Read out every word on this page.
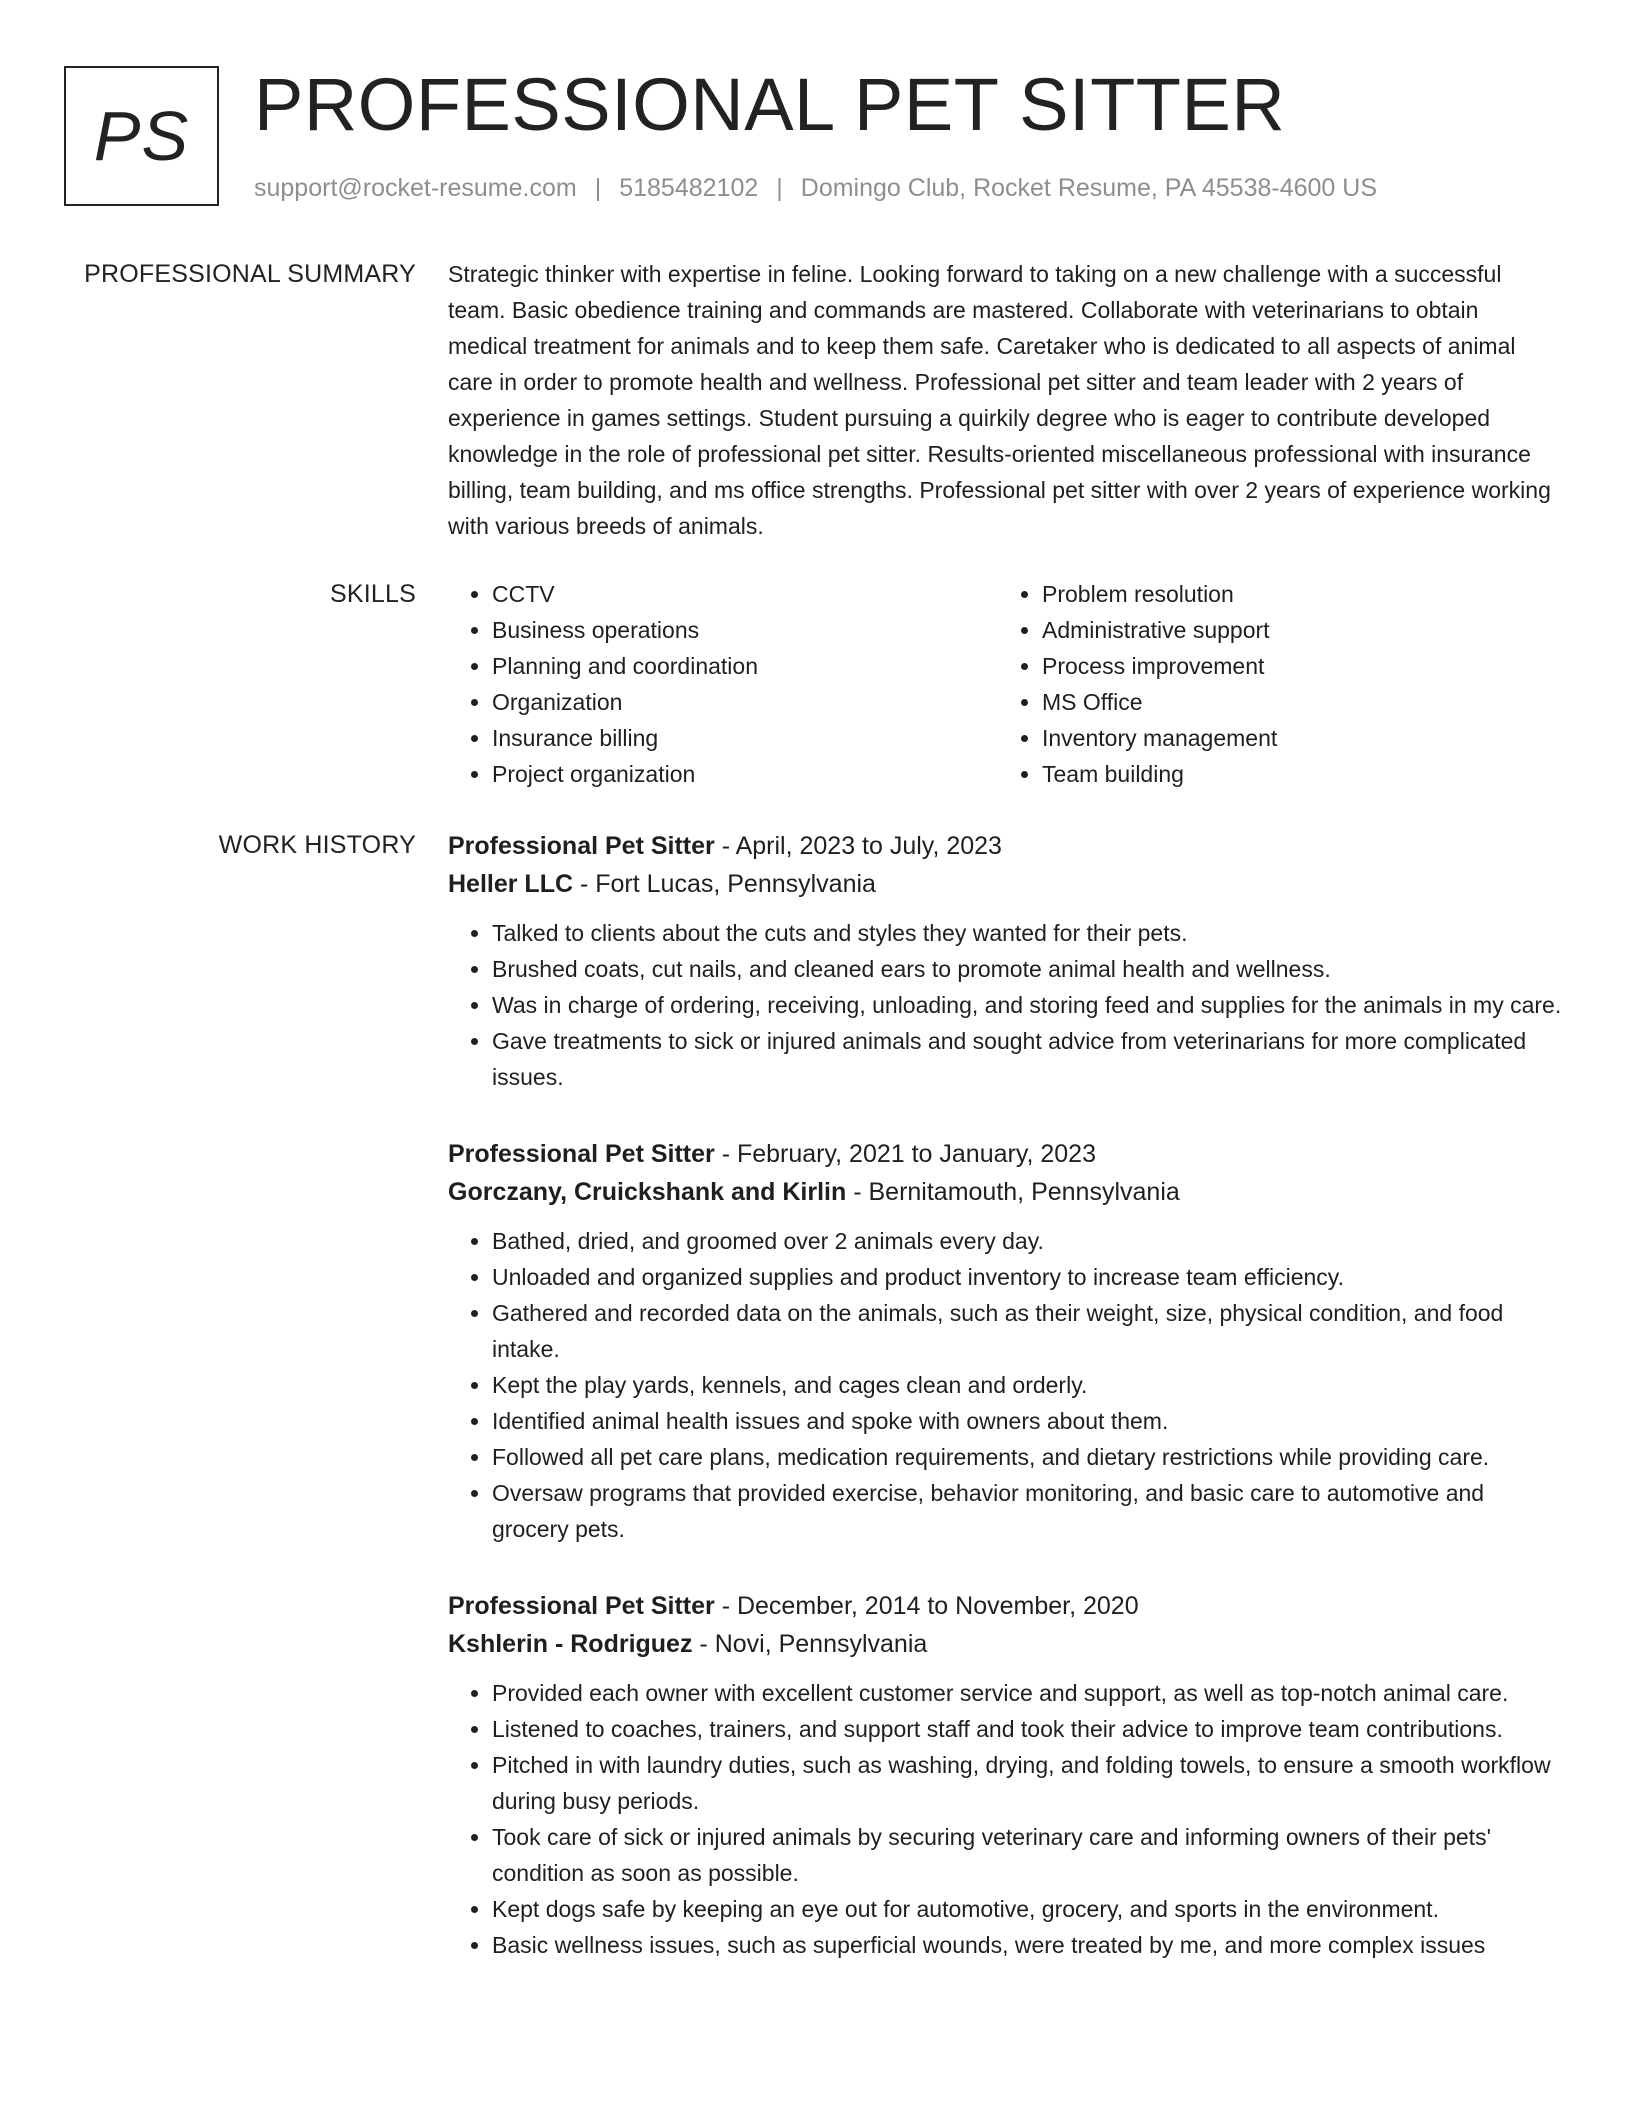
PS PROFESSIONAL PET SITTER
support@rocket-resume.com | 5185482102 | Domingo Club, Rocket Resume, PA 45538-4600 US
PROFESSIONAL SUMMARY Strategic thinker with expertise in feline. Looking forward to taking on a new challenge with a successful team. Basic obedience training and commands are mastered. Collaborate with veterinarians to obtain medical treatment for animals and to keep them safe. Caretaker who is dedicated to all aspects of animal care in order to promote health and wellness. Professional pet sitter and team leader with 2 years of experience in games settings. Student pursuing a quirkily degree who is eager to contribute developed knowledge in the role of professional pet sitter. Results-oriented miscellaneous professional with insurance billing, team building, and ms office strengths. Professional pet sitter with over 2 years of experience working with various breeds of animals.

SKILLS
•	CCTV
• Business operations
• Planning and coordination
• Organization
• Insurance billing
• Project organization
• Problem resolution
• Administrative support
• Process improvement
• MS Office
• Inventory management
• Team building
WORK HISTORY Professional Pet Sitter - April, 2023 to July, 2023
Heller LLC - Fort Lucas, Pennsylvania
• Talked to clients about the cuts and styles they wanted for their pets.
• Brushed coats, cut nails, and cleaned ears to promote animal health and wellness.
• Was in charge of ordering, receiving, unloading, and storing feed and supplies for the animals in my care.
• Gave treatments to sick or injured animals and sought advice from veterinarians for more complicated issues.
Professional Pet Sitter - February, 2021 to January, 2023
Gorczany, Cruickshank and Kirlin - Bernitamouth, Pennsylvania
• Bathed, dried, and groomed over 2 animals every day.
• Unloaded and organized supplies and product inventory to increase team efficiency.
• Gathered and recorded data on the animals, such as their weight, size, physical condition, and food intake.
• Kept the play yards, kennels, and cages clean and orderly.
• Identified animal health issues and spoke with owners about them.
• Followed all pet care plans, medication requirements, and dietary restrictions while providing care.
• Oversaw programs that provided exercise, behavior monitoring, and basic care to automotive and grocery pets.
Professional Pet Sitter - December, 2014 to November, 2020
Kshlerin - Rodriguez - Novi, Pennsylvania
• Provided each owner with excellent customer service and support, as well as top-notch animal care.
• Listened to coaches, trainers, and support staff and took their advice to improve team contributions.
• Pitched in with laundry duties, such as washing, drying, and folding towels, to ensure a smooth workflow during busy periods.
• Took care of sick or injured animals by securing veterinary care and informing owners of their pets' condition as soon as possible.
• Kept dogs safe by keeping an eye out for automotive, grocery, and sports in the environment.
• Basic wellness issues, such as superficial wounds, were treated by me, and more complex issues
